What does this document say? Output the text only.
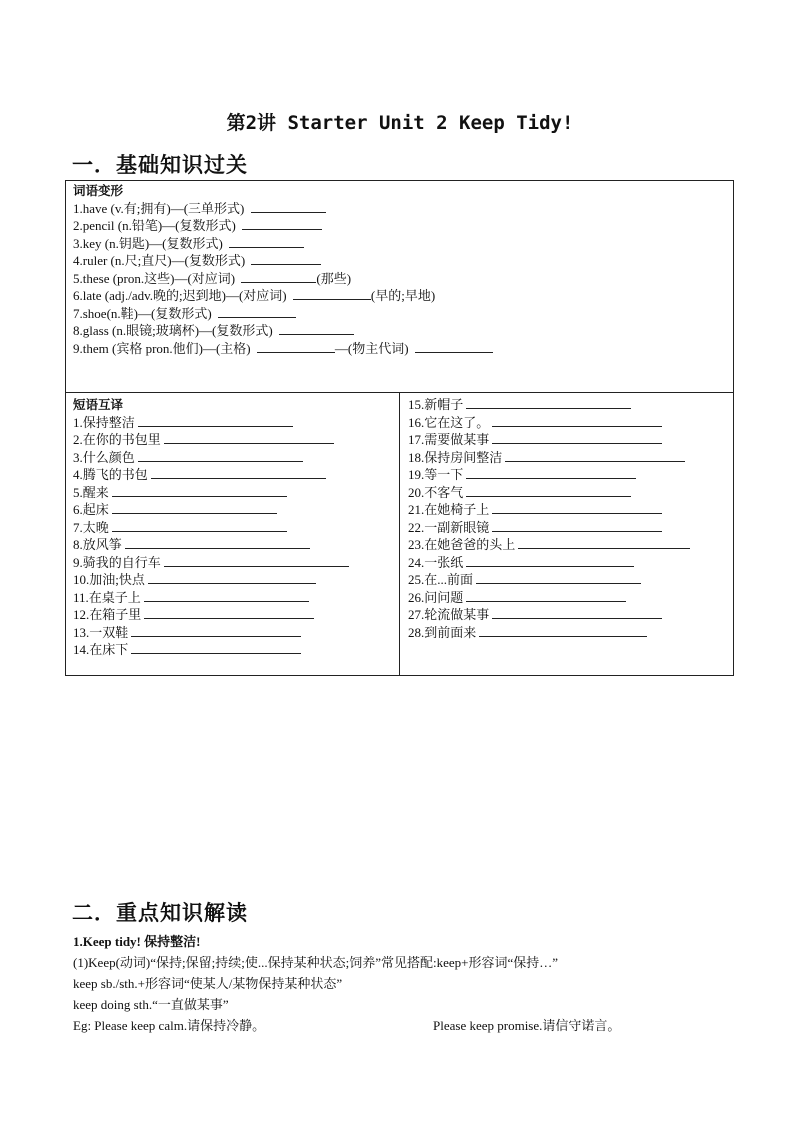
第2讲 Starter Unit 2 Keep Tidy!
一．基础知识过关
词语变形
1.have (v.有;拥有)—(三单形式)
2.pencil (n.铅笔)—(复数形式)
3.key (n.钥匙)—(复数形式)
4.ruler (n.尺;直尺)—(复数形式)
5.these (pron.这些)—(对应词)	(那些)
6.late (adj./adv.晚的;迟到地)—(对应词)	(早的;早地)
7.shoe(n.鞋)—(复数形式)
8.glass (n.眼镜;玻璃杯)—(复数形式)
9.them (宾格 pron.他们)—(主格)	—(物主代词)
短语互译
1.保持整洁
2.在你的书包里
3.什么颜色
4.腾飞的书包
5.醒来
6.起床
7.太晚
8.放风筝
9.骑我的自行车
10.加油;快点
11.在桌子上
12.在箱子里
13.一双鞋
14.在床下
15.新帽子
16.它在这了。
17.需要做某事
18.保持房间整洁
19.等一下
20.不客气
21.在她椅子上
22.一副新眼镜
23.在她爸爸的头上
24.一张纸
25.在...前面
26.问问题
27.轮流做某事
28.到前面来
二．重点知识解读
1.Keep tidy! 保持整洁!
(1)Keep(动词)“保持;保留;持续;使...保持某种状态;饲养”常见搭配:keep+形容词“保持…”
keep sb./sth.+形容词“使某人/某物保持某种状态”
keep doing sth.“一直做某事”
Eg: Please keep calm.请保持冷静。	Please keep promise.请信守诺言。
